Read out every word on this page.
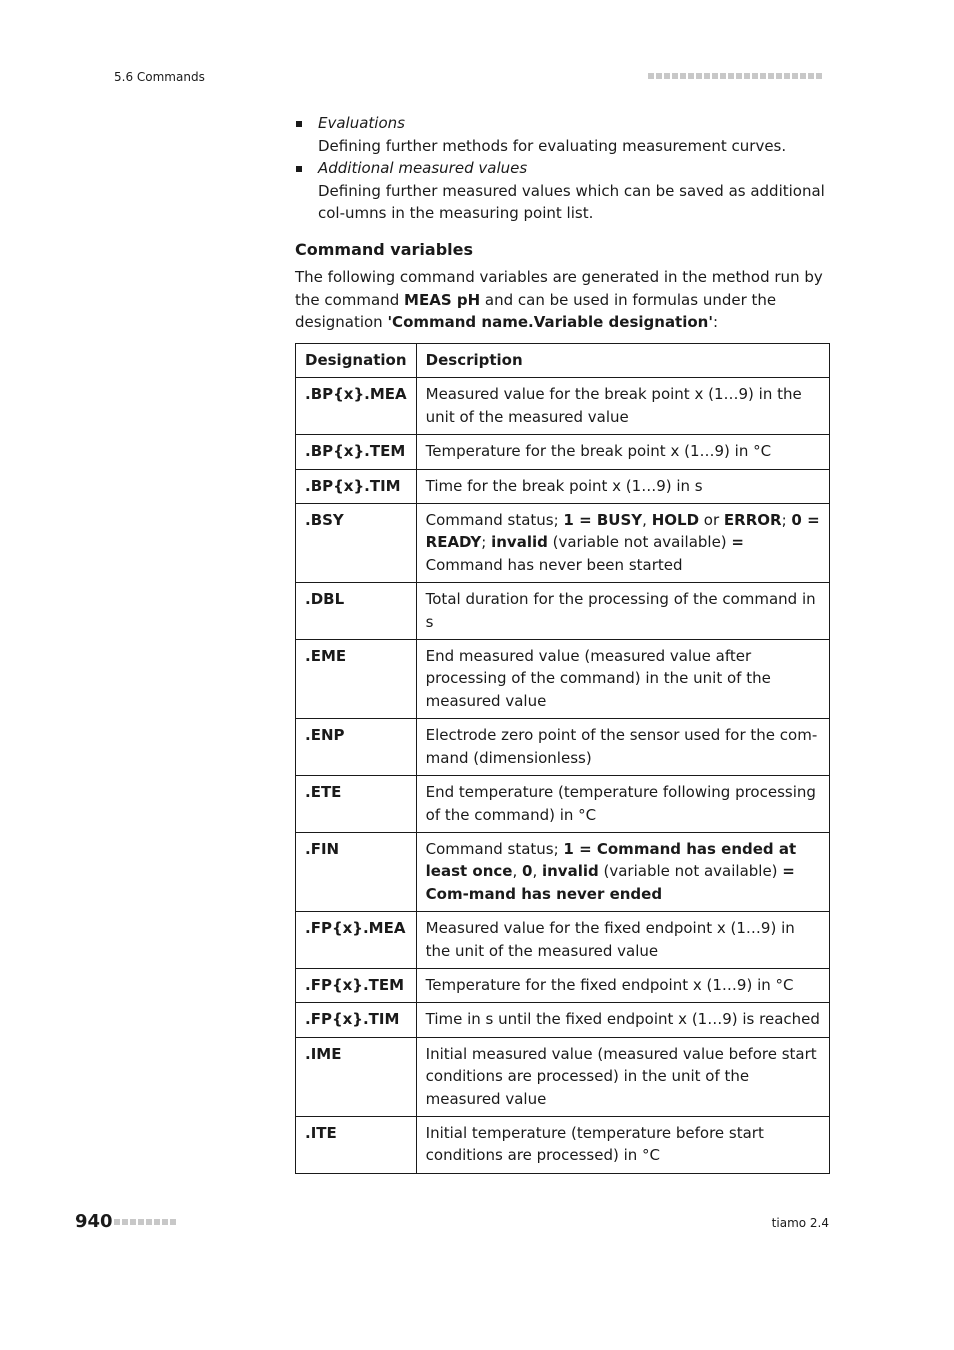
5.6 Commands
Evaluations
Defining further methods for evaluating measurement curves.
Additional measured values
Defining further measured values which can be saved as additional col-umns in the measuring point list.
Command variables
The following command variables are generated in the method run by the command MEAS pH and can be used in formulas under the designation 'Command name.Variable designation':
Designation	Description
.BP{x}.MEA	Measured value for the break point x (1…9) in the unit of the measured value
.BP{x}.TEM	Temperature for the break point x (1…9) in °C
.BP{x}.TIM	Time for the break point x (1…9) in s
.BSY	Command status; 1 = BUSY, HOLD or ERROR; 0 = READY; invalid (variable not available) = Command has never been started
.DBL	Total duration for the processing of the command in s
.EME	End measured value (measured value after processing of the command) in the unit of the measured value
.ENP	Electrode zero point of the sensor used for the com-mand (dimensionless)
.ETE	End temperature (temperature following processing of the command) in °C
.FIN	Command status; 1 = Command has ended at least once, 0, invalid (variable not available) = Com-mand has never ended
.FP{x}.MEA	Measured value for the fixed endpoint x (1…9) in the unit of the measured value
.FP{x}.TEM	Temperature for the fixed endpoint x (1…9) in °C
.FP{x}.TIM	Time in s until the fixed endpoint x (1…9) is reached
.IME	Initial measured value (measured value before start conditions are processed) in the unit of the measured value
.ITE	Initial temperature (temperature before start conditions are processed) in °C
940	tiamo 2.4
